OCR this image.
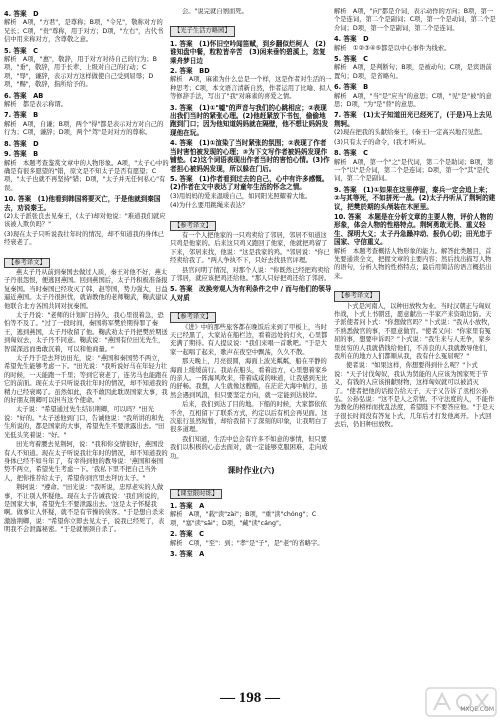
4. 答案　D

解析　A项，"方君"，是尊称；B项，"令兄"，敬称对方的兄长；C项，"贵"尊称，用于对方；D项，"左右"，古代书信中用来称对方，含尊敬之意。

5. 答案　C

解析　A项，"惠"，敬辞，用于对方对待自己的行为；B项，"垂"，敬辞，用于长辈、上级对自己的行动；C项，"辱"，谦辞，表示对方这样做使自己受到屈辱；D项，"赐"，敬辞，指所给予的。

6. 答案　AB

解析　都是表示称谓。

7. 答案　B

解析　A项，自谦；B项，两个"得"都是表示对方对自己的行为；C项，谦辞；D项，两个"驾"是对对方的尊称。

8. 答案　D

9. 答案　B

解析　本题考查鉴赏文章中的人物形象。A项，"太子心中的确是有很多愿望的"错，原文是不知太子是否有愿望；C项，"太子也就不再坚持"错；D项，"太子并无任何私心"有误。

10. 答案　(1)他看到韩国将要灭亡，于是他就到秦国去，劝说秦王。

(2)太子派张良去见秦王，(太子)却对他说："难道我们就应该被人欺负吗？"

(3)现在太子只听说我壮年时的情况，却不知道我的身体已经衰老了。

【参考译文】

燕太子丹从前到秦国去做过人质，秦王对他不好，燕太子丹很怨恨，便逃回燕国。回到燕国后，太子丹积极准备报复秦国。当时秦国已经攻灭了韩、赵等国，势力强大，日益逼近燕国。太子丹很担忧，就请教他的老师鞠武，鞠武建议他联合北方各国共同对抗秦国。

太子丹说："老师的计划旷日持久，我心里很着急，恐怕等不及了。"过了一段时间，秦国将军樊於期得罪了秦王，逃到燕国，太子丹收留了他。鞠武劝太子丹把樊於期送到匈奴去，太子丹不同意。鞠武说："燕国有位田光先生，智谋深远而勇敢沉着，可以和他商量。"

太子丹于是去拜访田光，说："燕国和秦国势不两立，希望先生能够考虑一下。"田光说："我听说好马在年轻力壮的时候，一天能跑一千里；等到它衰老了，连劣马也能跑在它的前面。现在太子只听说我壮年时的情况，却不知道我的精力已经衰竭了。虽然如此，我不敢因此耽误国家大事，我的好朋友荆卿可以担当这个使命。"

太子说："希望通过先生结识荆卿，可以吗？"田光说："好的。"太子送他到门口，告诫他说："我所讲的和先生所说的，都是国家的大事，希望先生不要泄露出去。"田光低头笑着说："好。"

田光弯着腰去见荆轲，说："我和你交情很好，燕国没有人不知道。现在太子听说我壮年时的情况，却不知道我的身体已经不如当年了，有幸得到他的教导说：'燕国和秦国势不两立，希望先生考虑一下。'我私下里不把自己当外人，把你推荐给太子，希望你到宫里去拜访太子。"

荆轲说："遵命。"田光说："我听说，忠厚老实的人做事，不让别人怀疑他。现在太子告诫我说：'我们所说的，是国家大事，希望先生不要泄露出去。'这是太子怀疑我啊。做事让人怀疑，就不是有节操的侠客。"于是想自杀来激励荆卿，说："希望你立即去见太子，说我已经死了，表明我不会泄露秘密。"于是就刎颈自杀了。

会。"说完就自刎而死。

【光子生活方略园】

1. 答案　(1)怀旧空吟闻笛赋，到乡翻似烂柯人　(2)谁知盘中餐，粒粒皆辛苦　(3)闲来垂钓碧溪上，忽复乘舟梦日边

2. 答案　BD

解析　A项，麻雀为什么总是一个样，这是作者对生活的一种思考；C项，本文语言清新自然，作者运用了比喻、拟人等修辞手法，写出了"我"对麻雀的喜爱之情。

3. 答案　(1)①"嘘"的声音与我们的心跳相应；②表现出我们当时的紧张心理。(2)他赶紧放下书包，偷偷地跑到门口；因为他知道妈妈就在隔壁，他不想让妈妈发现他在玩。

4. 答案　(1)①渲染了当时紧张的氛围；②表现了作者当时害怕被发现的心理；③为下文写作者被妈妈发现作铺垫。(2)这个词语表现出作者当时的害怕心情。(3)作者担心被妈妈发现，所以躲在门后。

5. 答案　(1)作者看到过去的自己，心中有许多感慨。(2)作者在文中表达了对童年生活的怀念之情。

(3)用妈妈的爱来温暖自己，如同阳光照耀着大地。

(4)为什么要用跳绳来表达？

【参考译文】

有一个人把他家的一只鸡卖给了邻居，邻居不知道这只鸡是他家的。后来这只鸡又跑回了他家，他就把鸡留了下来，邻居来找，他说："这是我家的鸡。"邻居说："你已经卖给我了。"两人争执不下，只好去找县官评理。

县官问明了情况，对那个人说："你既然已经把鸡卖给了邻居，就应该把鸡还给他。"那人只好把鸡还给了邻居。

5. 答案　改换旁观人为有利条件之中 / 而与他们的领导人对质

【参考译文】

《进》中的那些旅客都在晚饭后来到了甲板上，当时天已经黑了，大家站在船栏边，看着远处的灯火，心里都充满了期待。有人提议说："我们来唱一首歌吧。"于是大家一起唱了起来，歌声在夜空中飘荡，久久不散。

那天晚上，月亮很圆，海面上波光粼粼，船在平静的海面上缓缓前行。我站在船头，看着远方，心里想着家乡的亲人。一阵海风吹来，带着咸咸的味道，让我感到无比的舒畅。我想，人生就像这艘船，在茫茫大海中航行，虽然会遇到风浪，但只要坚定方向，就一定能到达彼岸。

后来，我们到达了目的地。下船的时候，大家都依依不舍，互相留下了联系方式，约定以后有机会再见面。这次旅行虽然短暂，却给我留下了深刻的印象，让我明白了很多道理。

我们知道，生活中总会有许多不如意的事情，但只要我们以积极的心态去面对，就一定能够克服困难，走向成功。

课时作业(六)

【课堂限时练】

1. 答案　A

解析　A项，"载"读"zài"；B项，"重"读"chóng"；C项，"塞"读"sāi"；D项，"藏"读"cáng"。

2. 答案　C

解析　C项，"至"：到；"孝"是"子"，是"老"的省略字。

3. 答案　A

解析　A项，"向"都是介词，表示动作的方向；B项，第一个是连词，第二个是副词；C项，第一个是动词，第二个是介词；D项，第一个是副词，第二个是连词。

4. 答案　D

解析　①②③④⑤都是以中心事件为线索。

5. 答案　C

解析　A项，是判断句；B项，是被动句；C项，是宾语前置句；D项，是省略句。

6. 答案　B

解析　A项，"当"是"应当"的意思；C项，"见"是"被"的意思；D项，"为"是"替"的意思。

7. 答案　(1)太子知道田光已经死了，(于是)马上去见荆轲。

(2)现在把我的头献给秦王，(秦王)一定高兴地召见您。

(3)只有太子的命令，(我才)听从。

8. 答案　C

解析　A项，第一个"之"是代词，第二个是助词；B项，第一个"以"是介词，第二个是连词；D项，第一个"其"是代词，第二个是副词。

9. 答案　(1)①如果在这里停留，秦兵一定会追上来；②与其等死，不如拼死一战。(2)太子丹听从了荆轲的建议，把樊於期的头颅装在木匣里。

10. 答案　本题是在分析文章的主要人物，评价人物的形象，体会人物的性格特点。荆轲勇敢无畏、重义轻生、深明大义；太子丹急躁冲动、报仇心切；田光忠于国家、守信重义。

解析　本题考查概括人物形象的能力。解答此类题目，首先要通读全文，把握文章的主要内容；然后找出描写人物的语句，分析人物的性格特点；最后用简洁的语言概括出来。

【参考译文】

卜式是河南人，以种田放牧为业。当时汉朝正与匈奴作战，卜式上书朝廷，愿意献出一半家产来资助边防。天子派使者问卜式："你想做官吗？"卜式说："我从小放牧，不熟悉做官的事，不愿意做官。"使者又问："你家里有冤屈的事，想要申诉吗？"卜式说："我生来与人无争，家乡里贫穷的人我就借钱给他们，不善良的人我就教导他们，我所在的地方人们都顺从我，我有什么冤屈呢？"

使者说："如果这样，你想要得到什么呢？"卜式说："天子讨伐匈奴，我认为贤能的人应该为国家死于节义，有钱的人应该捐献财物，这样匈奴就可以被消灭了。"使者把他的话报告给天子，天子又告诉了丞相公孙弘。公孙弘说："这不是人之常情。不守法度的人，不能作为教化的榜样而扰乱法度，希望陛下不要答应他。"于是天子很长时间没有答复卜式，几年后才打发他离开。卜式回去后，仍旧种田放牧。

— 198 —
MXQE.COM
